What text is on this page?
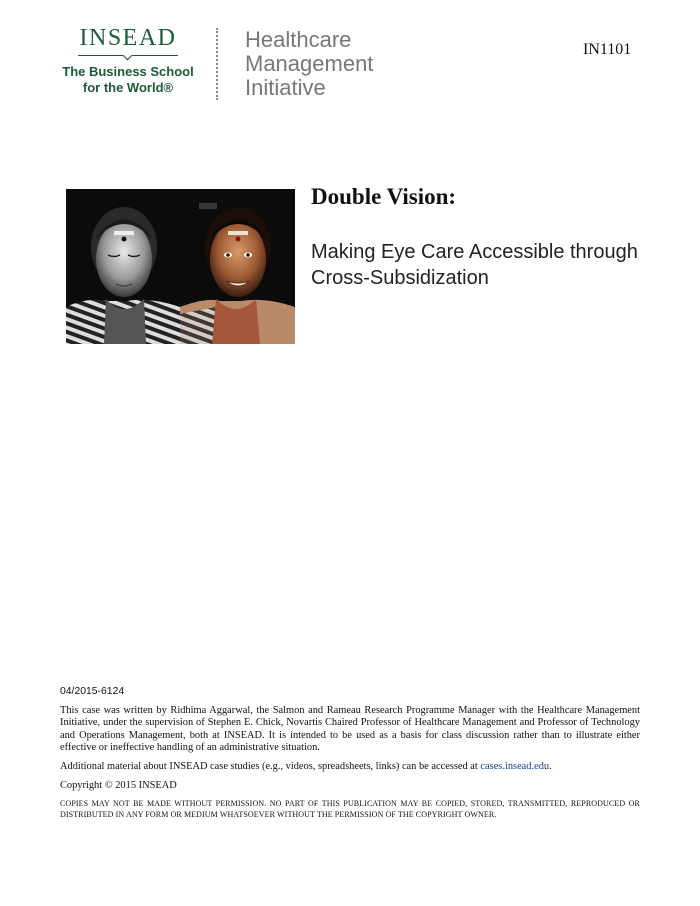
INSEAD
The Business School
for the World®
Healthcare
Management
Initiative
IN1101
Double Vision:
Making Eye Care Accessible through Cross-Subsidization

04/2015-6124

This case was written by Ridhima Aggarwal, the Salmon and Rameau Research Programme Manager with the Healthcare Management Initiative, under the supervision of Stephen E. Chick, Novartis Chaired Professor of Healthcare Management and Professor of Technology and Operations Management, both at INSEAD. It is intended to be used as a basis for class discussion rather than to illustrate either effective or ineffective handling of an administrative situation.

Additional material about INSEAD case studies (e.g., videos, spreadsheets, links) can be accessed at cases.insead.edu.

Copyright © 2015 INSEAD

COPIES MAY NOT BE MADE WITHOUT PERMISSION. NO PART OF THIS PUBLICATION MAY BE COPIED, STORED, TRANSMITTED, REPRODUCED OR DISTRIBUTED IN ANY FORM OR MEDIUM WHATSOEVER WITHOUT THE PERMISSION OF THE COPYRIGHT OWNER.
